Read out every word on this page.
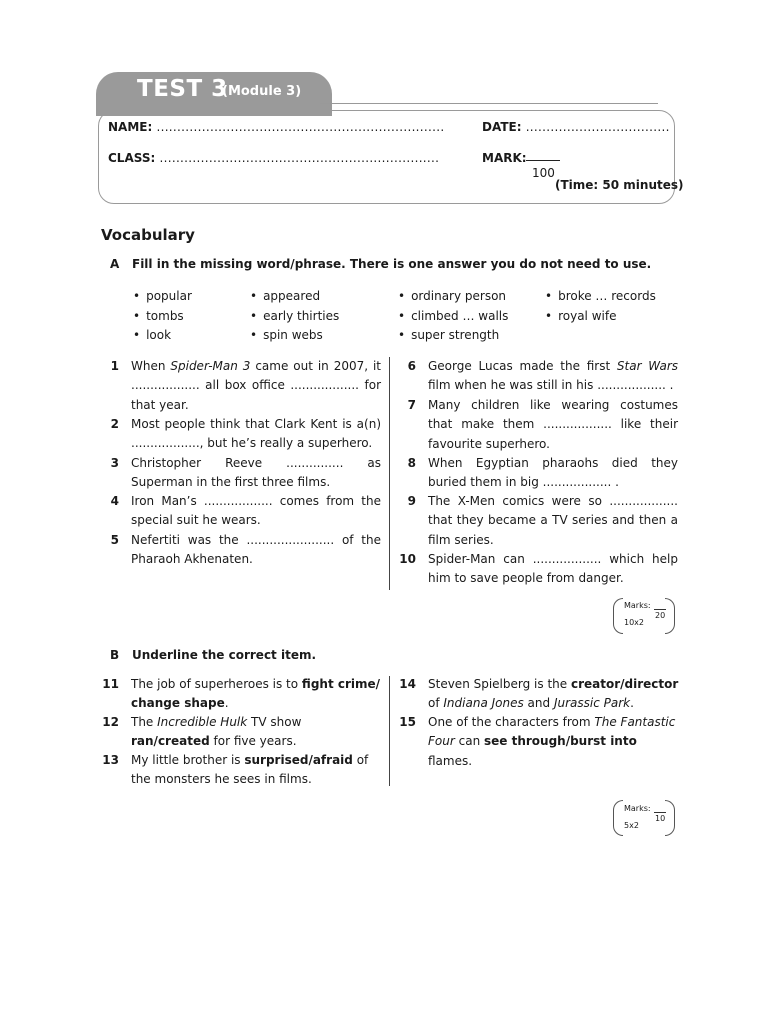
TEST 3
(Module 3)
NAME: ......................................................................	DATE: ...................................
CLASS: ....................................................................	MARK:
100
(Time: 50 minutes)
Vocabulary
A Fill in the missing word/phrase. There is one answer you do not need to use.
• popular
• tombs
• look
• appeared
• early thirties
• spin webs
• ordinary person
• climbed … walls
• super strength
• broke … records
• royal wife
1 When Spider-Man 3 came out in 2007, it .................. all box office .................. for that year.
2 Most people think that Clark Kent is a(n) .................., but he’s really a superhero.
3 Christopher Reeve ............... as Superman in the first three films.
4 Iron Man’s .................. comes from the special suit he wears.
5 Nefertiti was the ....................... of the Pharaoh Akhenaten.
6 George Lucas made the first Star Wars film when he was still in his .................. .
7 Many children like wearing costumes that make them .................. like their favourite superhero.
8 When Egyptian pharaohs died they buried them in big .................. .
9 The X-Men comics were so .................. that they became a TV series and then a film series.
10 Spider-Man can .................. which help him to save people from danger.
Marks:
20
10x2
B Underline the correct item.
11 The job of superheroes is to fight crime/ change shape.
12 The Incredible Hulk TV show ran/created for five years.
13 My little brother is surprised/afraid of the monsters he sees in films.
14 Steven Spielberg is the creator/director of Indiana Jones and Jurassic Park.
15 One of the characters from The Fantastic Four can see through/burst into flames.
Marks:
10
5x2
